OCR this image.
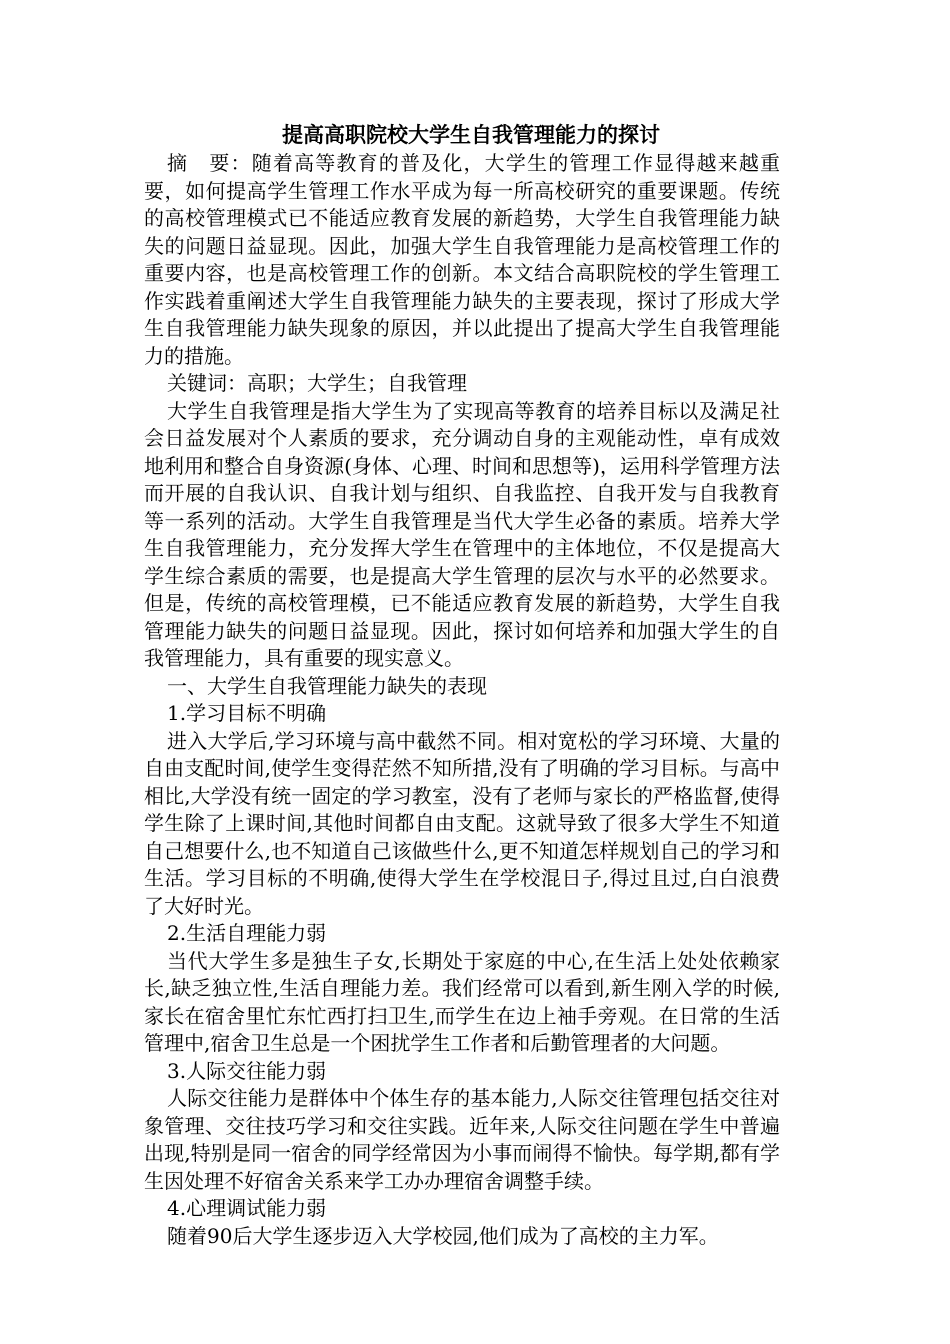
提高高职院校大学生自我管理能力的探讨

摘　要：随着高等教育的普及化，大学生的管理工作显得越来越重要，如何提高学生管理工作水平成为每一所高校研究的重要课题。传统的高校管理模式已不能适应教育发展的新趋势，大学生自我管理能力缺失的问题日益显现。因此，加强大学生自我管理能力是高校管理工作的重要内容，也是高校管理工作的创新。本文结合高职院校的学生管理工作实践着重阐述大学生自我管理能力缺失的主要表现，探讨了形成大学生自我管理能力缺失现象的原因，并以此提出了提高大学生自我管理能力的措施。

关键词：高职；大学生；自我管理

大学生自我管理是指大学生为了实现高等教育的培养目标以及满足社会日益发展对个人素质的要求，充分调动自身的主观能动性，卓有成效地利用和整合自身资源(身体、心理、时间和思想等)，运用科学管理方法而开展的自我认识、自我计划与组织、自我监控、自我开发与自我教育等一系列的活动。大学生自我管理是当代大学生必备的素质。培养大学生自我管理能力，充分发挥大学生在管理中的主体地位，不仅是提高大学生综合素质的需要，也是提高大学生管理的层次与水平的必然要求。但是，传统的高校管理模，已不能适应教育发展的新趋势，大学生自我管理能力缺失的问题日益显现。因此，探讨如何培养和加强大学生的自我管理能力，具有重要的现实意义。

一、大学生自我管理能力缺失的表现

1.学习目标不明确

进入大学后,学习环境与高中截然不同。相对宽松的学习环境、大量的自由支配时间,使学生变得茫然不知所措,没有了明确的学习目标。与高中相比,大学没有统一固定的学习教室，没有了老师与家长的严格监督,使得学生除了上课时间,其他时间都自由支配。这就导致了很多大学生不知道自己想要什么,也不知道自己该做些什么,更不知道怎样规划自己的学习和生活。学习目标的不明确,使得大学生在学校混日子,得过且过,白白浪费了大好时光。

2.生活自理能力弱

当代大学生多是独生子女,长期处于家庭的中心,在生活上处处依赖家长,缺乏独立性,生活自理能力差。我们经常可以看到,新生刚入学的时候,家长在宿舍里忙东忙西打扫卫生,而学生在边上袖手旁观。在日常的生活管理中,宿舍卫生总是一个困扰学生工作者和后勤管理者的大问题。

3.人际交往能力弱

人际交往能力是群体中个体生存的基本能力,人际交往管理包括交往对象管理、交往技巧学习和交往实践。近年来,人际交往问题在学生中普遍出现,特别是同一宿舍的同学经常因为小事而闹得不愉快。每学期,都有学生因处理不好宿舍关系来学工办办理宿舍调整手续。

4.心理调试能力弱

随着90后大学生逐步迈入大学校园,他们成为了高校的主力军。
